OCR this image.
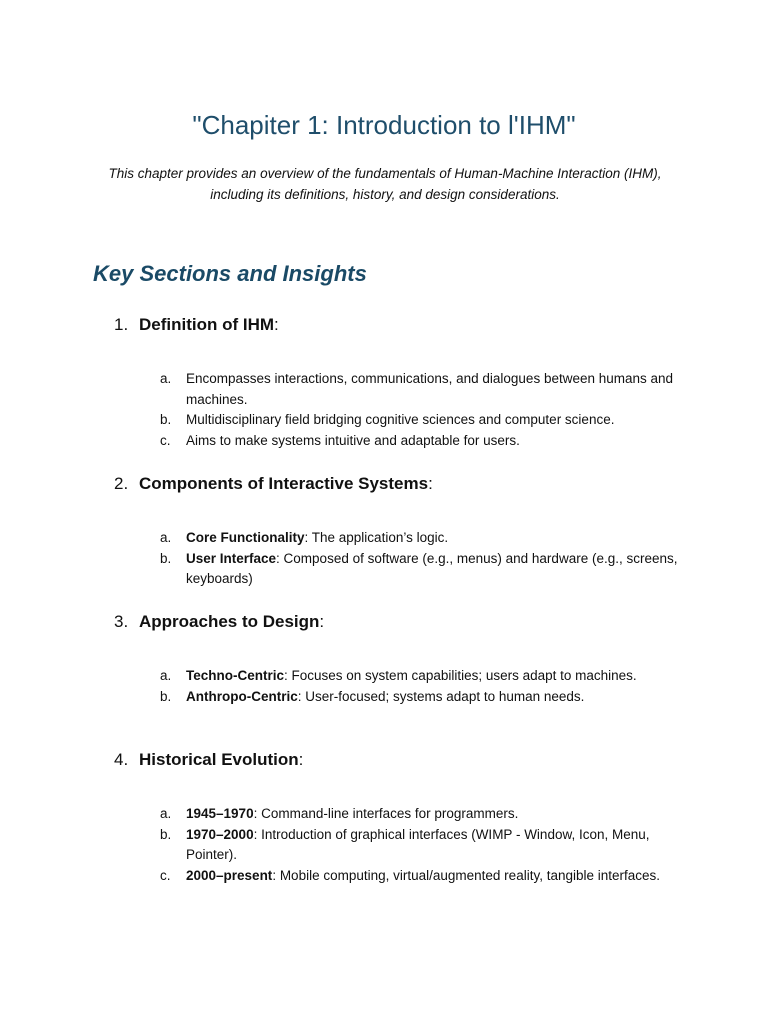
"Chapiter 1: Introduction to l'IHM"

This chapter provides an overview of the fundamentals of Human-Machine Interaction (IHM), including its definitions, history, and design considerations.

Key Sections and Insights
1. Definition of IHM :
a.	Encompasses interactions, communications, and dialogues between humans and machines.
b.	Multidisciplinary field bridging cognitive sciences and computer science.
c.	Aims to make systems intuitive and adaptable for users.
2. Components of Interactive Systems :
a.	Core Functionality: The application’s logic.
b.	User Interface: Composed of software (e.g., menus) and hardware (e.g., screens, keyboards)
3. Approaches to Design :
a.	Techno-Centric: Focuses on system capabilities; users adapt to machines.
b.	Anthropo-Centric: User-focused; systems adapt to human needs.
4. Historical Evolution :
a.	1945–1970: Command-line interfaces for programmers.
b.	1970–2000: Introduction of graphical interfaces (WIMP - Window, Icon, Menu, Pointer).
c.	2000–present: Mobile computing, virtual/augmented reality, tangible interfaces.
